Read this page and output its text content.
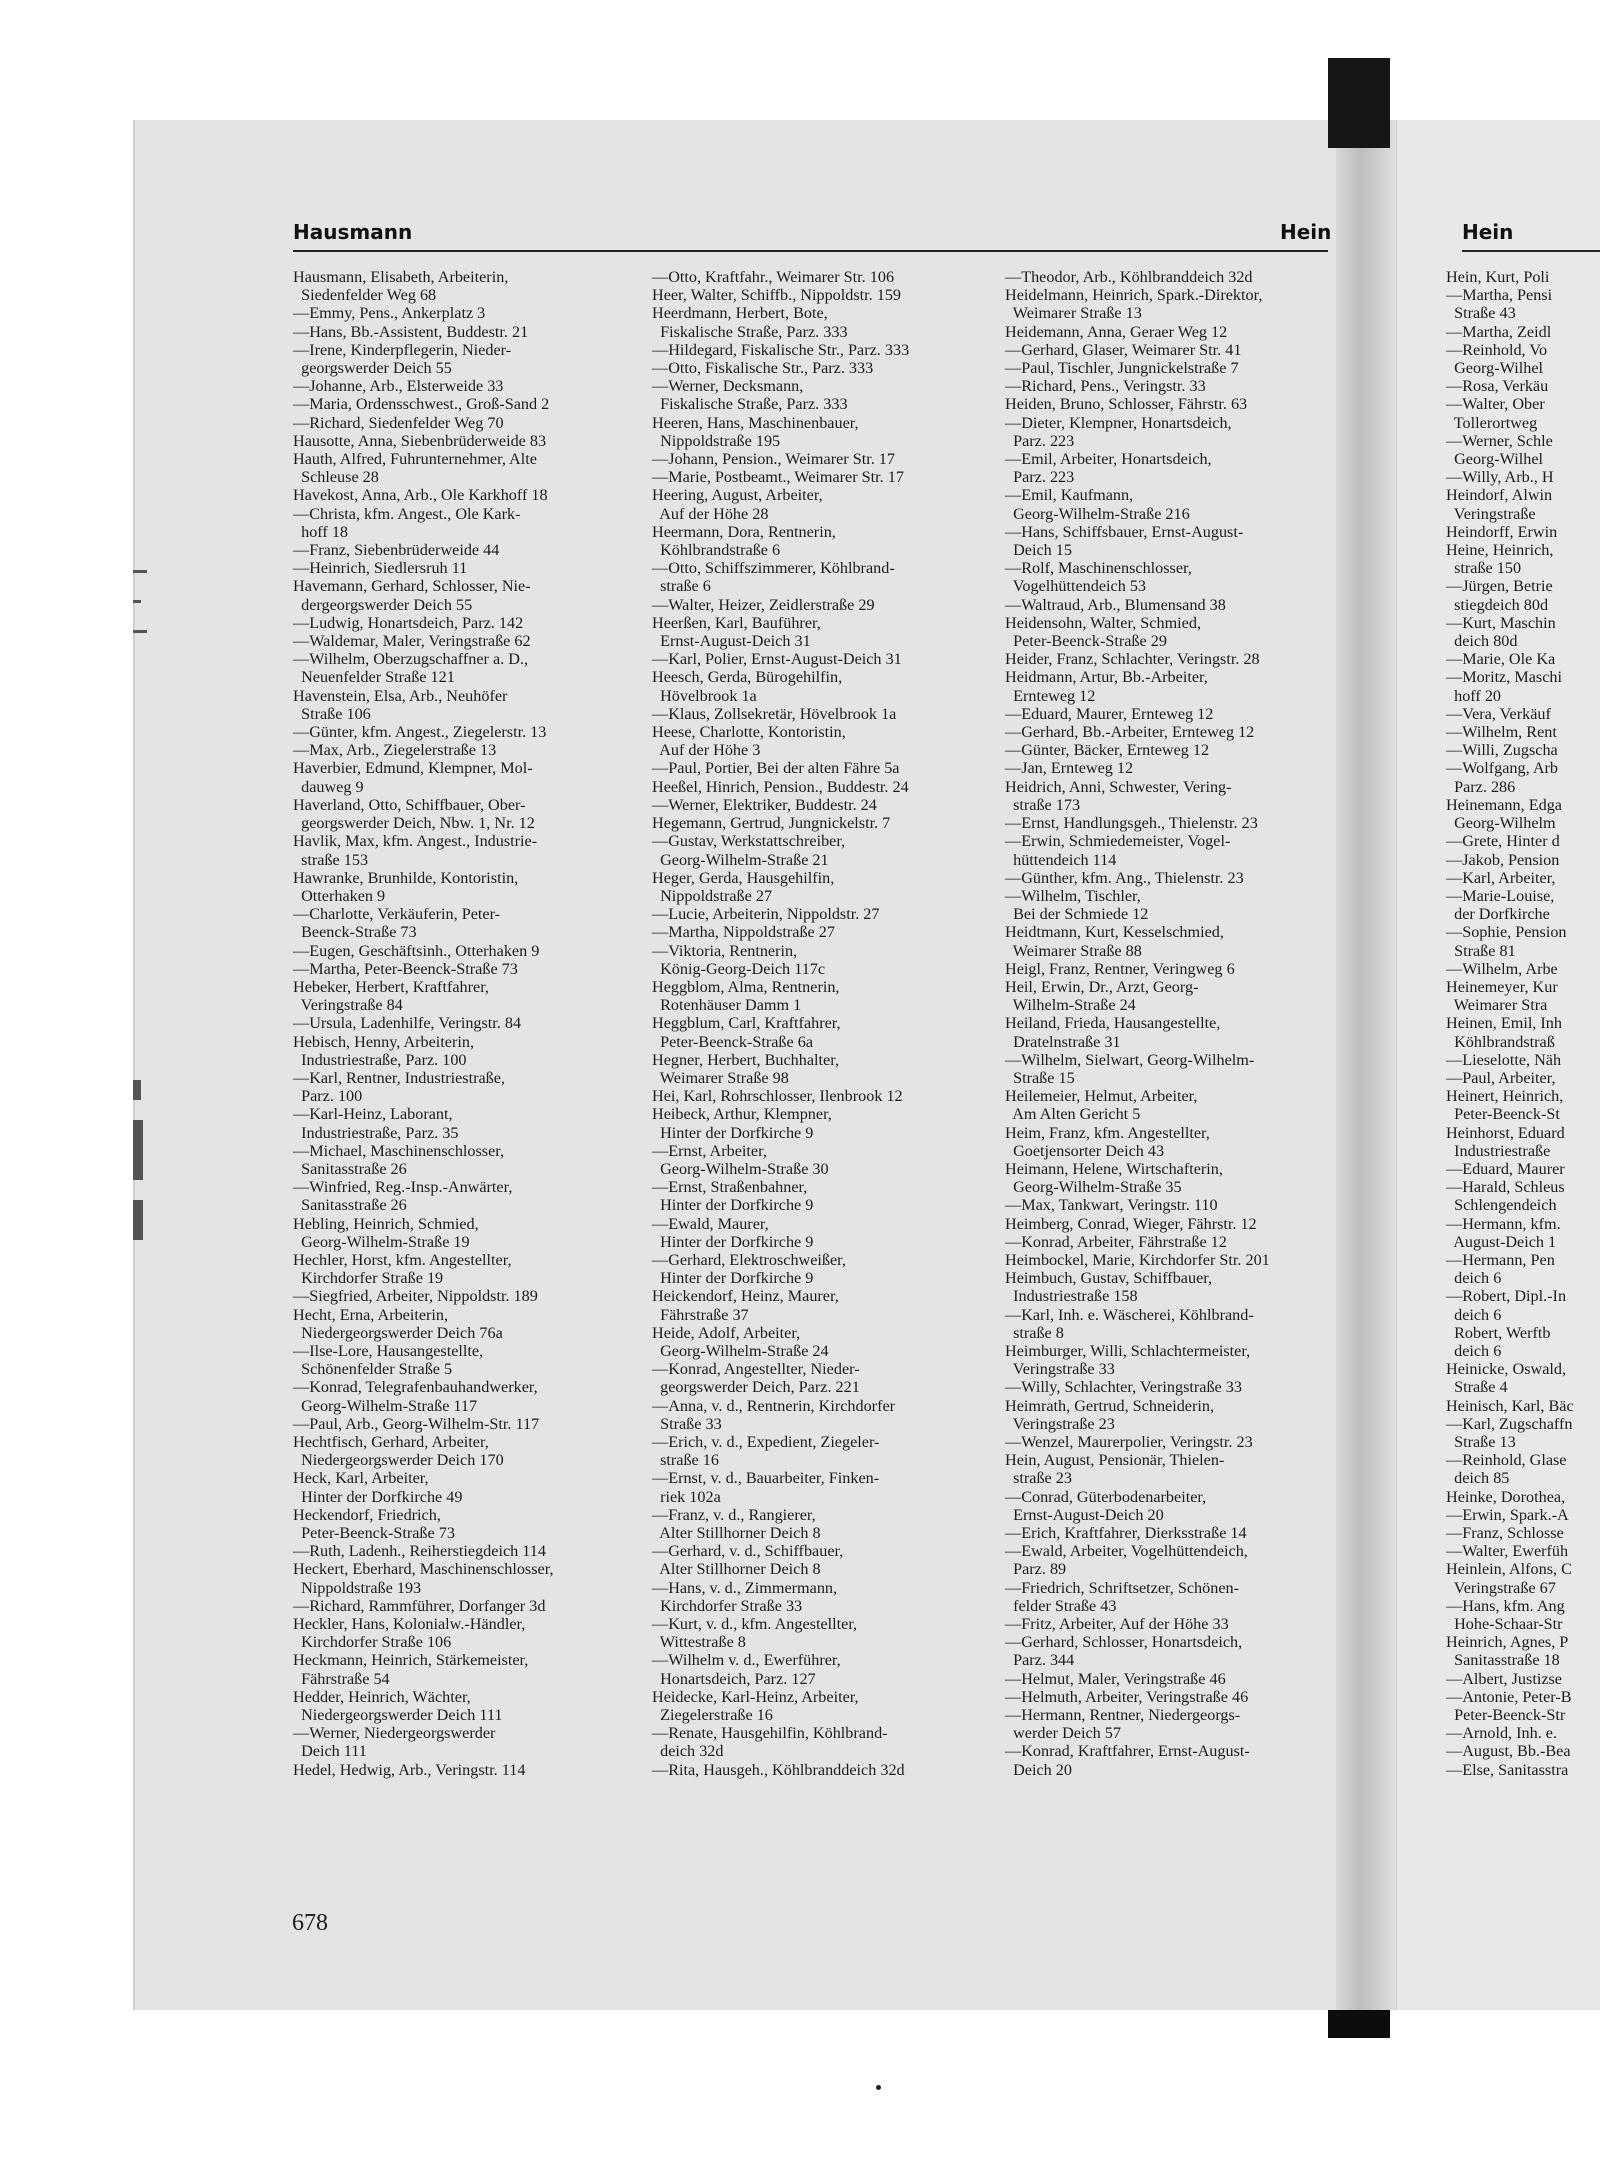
Hausmann	Hein	Hein
Hausmann, Elisabeth, Arbeiterin,
Siedenfelder Weg 68
—Emmy, Pens., Ankerplatz 3
—Hans, Bb.-Assistent, Buddestr. 21
—Irene, Kinderpflegerin, Nieder-
georgswerder Deich 55
—Johanne, Arb., Elsterweide 33
—Maria, Ordensschwest., Groß-Sand 2
—Richard, Siedenfelder Weg 70
Hausotte, Anna, Siebenbrüderweide 83
Hauth, Alfred, Fuhrunternehmer, Alte
Schleuse 28
Havekost, Anna, Arb., Ole Karkhoff 18
—Christa, kfm. Angest., Ole Kark-
hoff 18
—Franz, Siebenbrüderweide 44
—Heinrich, Siedlersruh 11
Havemann, Gerhard, Schlosser, Nie-
dergeorgswerder Deich 55
—Ludwig, Honartsdeich, Parz. 142
—Waldemar, Maler, Veringstraße 62
—Wilhelm, Oberzugschaffner a. D.,
Neuenfelder Straße 121
Havenstein, Elsa, Arb., Neuhöfer
Straße 106
—Günter, kfm. Angest., Ziegelerstr. 13
—Max, Arb., Ziegelerstraße 13
Haverbier, Edmund, Klempner, Mol-
dauweg 9
Haverland, Otto, Schiffbauer, Ober-
georgswerder Deich, Nbw. 1, Nr. 12
Havlik, Max, kfm. Angest., Industrie-
straße 153
Hawranke, Brunhilde, Kontoristin,
Otterhaken 9
—Charlotte, Verkäuferin, Peter-
Beenck-Straße 73
—Eugen, Geschäftsinh., Otterhaken 9
—Martha, Peter-Beenck-Straße 73
Hebeker, Herbert, Kraftfahrer,
Veringstraße 84
—Ursula, Ladenhilfe, Veringstr. 84
Hebisch, Henny, Arbeiterin,
Industriestraße, Parz. 100
—Karl, Rentner, Industriestraße,
Parz. 100
—Karl-Heinz, Laborant,
Industriestraße, Parz. 35
—Michael, Maschinenschlosser,
Sanitasstraße 26
—Winfried, Reg.-Insp.-Anwärter,
Sanitasstraße 26
Hebling, Heinrich, Schmied,
Georg-Wilhelm-Straße 19
Hechler, Horst, kfm. Angestellter,
Kirchdorfer Straße 19
—Siegfried, Arbeiter, Nippoldstr. 189
Hecht, Erna, Arbeiterin,
Niedergeorgswerder Deich 76a
—Ilse-Lore, Hausangestellte,
Schönenfelder Straße 5
—Konrad, Telegrafenbauhandwerker,
Georg-Wilhelm-Straße 117
—Paul, Arb., Georg-Wilhelm-Str. 117
Hechtfisch, Gerhard, Arbeiter,
Niedergeorgswerder Deich 170
Heck, Karl, Arbeiter,
Hinter der Dorfkirche 49
Heckendorf, Friedrich,
Peter-Beenck-Straße 73
—Ruth, Ladenh., Reiherstiegdeich 114
Heckert, Eberhard, Maschinenschlosser,
Nippoldstraße 193
—Richard, Rammführer, Dorfanger 3d
Heckler, Hans, Kolonialw.-Händler,
Kirchdorfer Straße 106
Heckmann, Heinrich, Stärkemeister,
Fährstraße 54
Hedder, Heinrich, Wächter,
Niedergeorgswerder Deich 111
—Werner, Niedergeorgswerder
Deich 111
Hedel, Hedwig, Arb., Veringstr. 114
—Otto, Kraftfahr., Weimarer Str. 106
Heer, Walter, Schiffb., Nippoldstr. 159
Heerdmann, Herbert, Bote,
Fiskalische Straße, Parz. 333
—Hildegard, Fiskalische Str., Parz. 333
—Otto, Fiskalische Str., Parz. 333
—Werner, Decksmann,
Fiskalische Straße, Parz. 333
Heeren, Hans, Maschinenbauer,
Nippoldstraße 195
—Johann, Pension., Weimarer Str. 17
—Marie, Postbeamt., Weimarer Str. 17
Heering, August, Arbeiter,
Auf der Höhe 28
Heermann, Dora, Rentnerin,
Köhlbrandstraße 6
—Otto, Schiffszimmerer, Köhlbrand-
straße 6
—Walter, Heizer, Zeidlerstraße 29
Heerßen, Karl, Bauführer,
Ernst-August-Deich 31
—Karl, Polier, Ernst-August-Deich 31
Heesch, Gerda, Bürogehilfin,
Hövelbrook 1a
—Klaus, Zollsekretär, Hövelbrook 1a
Heese, Charlotte, Kontoristin,
Auf der Höhe 3
—Paul, Portier, Bei der alten Fähre 5a
Heeßel, Hinrich, Pension., Buddestr. 24
—Werner, Elektriker, Buddestr. 24
Hegemann, Gertrud, Jungnickelstr. 7
—Gustav, Werkstattschreiber,
Georg-Wilhelm-Straße 21
Heger, Gerda, Hausgehilfin,
Nippoldstraße 27
—Lucie, Arbeiterin, Nippoldstr. 27
—Martha, Nippoldstraße 27
—Viktoria, Rentnerin,
König-Georg-Deich 117c
Heggblom, Alma, Rentnerin,
Rotenhäuser Damm 1
Heggblum, Carl, Kraftfahrer,
Peter-Beenck-Straße 6a
Hegner, Herbert, Buchhalter,
Weimarer Straße 98
Hei, Karl, Rohrschlosser, Ilenbrook 12
Heibeck, Arthur, Klempner,
Hinter der Dorfkirche 9
—Ernst, Arbeiter,
Georg-Wilhelm-Straße 30
—Ernst, Straßenbahner,
Hinter der Dorfkirche 9
—Ewald, Maurer,
Hinter der Dorfkirche 9
—Gerhard, Elektroschweißer,
Hinter der Dorfkirche 9
Heickendorf, Heinz, Maurer,
Fährstraße 37
Heide, Adolf, Arbeiter,
Georg-Wilhelm-Straße 24
—Konrad, Angestellter, Nieder-
georgswerder Deich, Parz. 221
—Anna, v. d., Rentnerin, Kirchdorfer
Straße 33
—Erich, v. d., Expedient, Ziegeler-
straße 16
—Ernst, v. d., Bauarbeiter, Finken-
riek 102a
—Franz, v. d., Rangierer,
Alter Stillhorner Deich 8
—Gerhard, v. d., Schiffbauer,
Alter Stillhorner Deich 8
—Hans, v. d., Zimmermann,
Kirchdorfer Straße 33
—Kurt, v. d., kfm. Angestellter,
Wittestraße 8
—Wilhelm v. d., Ewerführer,
Honartsdeich, Parz. 127
Heidecke, Karl-Heinz, Arbeiter,
Ziegelerstraße 16
—Renate, Hausgehilfin, Köhlbrand-
deich 32d
—Rita, Hausgeh., Köhlbranddeich 32d
—Theodor, Arb., Köhlbranddeich 32d
Heidelmann, Heinrich, Spark.-Direktor,
Weimarer Straße 13
Heidemann, Anna, Geraer Weg 12
—Gerhard, Glaser, Weimarer Str. 41
—Paul, Tischler, Jungnickelstraße 7
—Richard, Pens., Veringstr. 33
Heiden, Bruno, Schlosser, Fährstr. 63
—Dieter, Klempner, Honartsdeich,
Parz. 223
—Emil, Arbeiter, Honartsdeich,
Parz. 223
—Emil, Kaufmann,
Georg-Wilhelm-Straße 216
—Hans, Schiffsbauer, Ernst-August-
Deich 15
—Rolf, Maschinenschlosser,
Vogelhüttendeich 53
—Waltraud, Arb., Blumensand 38
Heidensohn, Walter, Schmied,
Peter-Beenck-Straße 29
Heider, Franz, Schlachter, Veringstr. 28
Heidmann, Artur, Bb.-Arbeiter,
Ernteweg 12
—Eduard, Maurer, Ernteweg 12
—Gerhard, Bb.-Arbeiter, Ernteweg 12
—Günter, Bäcker, Ernteweg 12
—Jan, Ernteweg 12
Heidrich, Anni, Schwester, Vering-
straße 173
—Ernst, Handlungsgeh., Thielenstr. 23
—Erwin, Schmiedemeister, Vogel-
hüttendeich 114
—Günther, kfm. Ang., Thielenstr. 23
—Wilhelm, Tischler,
Bei der Schmiede 12
Heidtmann, Kurt, Kesselschmied,
Weimarer Straße 88
Heigl, Franz, Rentner, Veringweg 6
Heil, Erwin, Dr., Arzt, Georg-
Wilhelm-Straße 24
Heiland, Frieda, Hausangestellte,
Dratelnstraße 31
—Wilhelm, Sielwart, Georg-Wilhelm-
Straße 15
Heilemeier, Helmut, Arbeiter,
Am Alten Gericht 5
Heim, Franz, kfm. Angestellter,
Goetjensorter Deich 43
Heimann, Helene, Wirtschafterin,
Georg-Wilhelm-Straße 35
—Max, Tankwart, Veringstr. 110
Heimberg, Conrad, Wieger, Fährstr. 12
—Konrad, Arbeiter, Fährstraße 12
Heimbockel, Marie, Kirchdorfer Str. 201
Heimbuch, Gustav, Schiffbauer,
Industriestraße 158
—Karl, Inh. e. Wäscherei, Köhlbrand-
straße 8
Heimburger, Willi, Schlachtermeister,
Veringstraße 33
—Willy, Schlachter, Veringstraße 33
Heimrath, Gertrud, Schneiderin,
Veringstraße 23
—Wenzel, Maurerpolier, Veringstr. 23
Hein, August, Pensionär, Thielen-
straße 23
—Conrad, Güterbodenarbeiter,
Ernst-August-Deich 20
—Erich, Kraftfahrer, Dierksstraße 14
—Ewald, Arbeiter, Vogelhüttendeich,
Parz. 89
—Friedrich, Schriftsetzer, Schönen-
felder Straße 43
—Fritz, Arbeiter, Auf der Höhe 33
—Gerhard, Schlosser, Honartsdeich,
Parz. 344
—Helmut, Maler, Veringstraße 46
—Helmuth, Arbeiter, Veringstraße 46
—Hermann, Rentner, Niedergeorgs-
werder Deich 57
—Konrad, Kraftfahrer, Ernst-August-
Deich 20
Hein, Kurt, Poli
—Martha, Pensi
Straße 43
—Martha, Zeidl
—Reinhold, Vo
Georg-Wilhel
—Rosa, Verkäu
—Walter, Ober
Tollerortweg
—Werner, Schle
Georg-Wilhel
—Willy, Arb., H
Heindorf, Alwin
Veringstraße
Heindorff, Erwin
Heine, Heinrich,
straße 150
—Jürgen, Betrie
stiegdeich 80d
—Kurt, Maschin
deich 80d
—Marie, Ole Ka
—Moritz, Maschi
hoff 20
—Vera, Verkäuf
—Wilhelm, Rent
—Willi, Zugscha
—Wolfgang, Arb
Parz. 286
Heinemann, Edga
Georg-Wilhelm
—Grete, Hinter d
—Jakob, Pension
—Karl, Arbeiter,
—Marie-Louise,
der Dorfkirche
—Sophie, Pension
Straße 81
—Wilhelm, Arbe
Heinemeyer, Kur
Weimarer Stra
Heinen, Emil, Inh
Köhlbrandstraß
—Lieselotte, Näh
—Paul, Arbeiter,
Heinert, Heinrich,
Peter-Beenck-St
Heinhorst, Eduard
Industriestraße
—Eduard, Maurer
—Harald, Schleus
Schlengendeich
—Hermann, kfm.
August-Deich 1
—Hermann, Pen
deich 6
—Robert, Dipl.-In
deich 6
Robert, Werftb
deich 6
Heinicke, Oswald,
Straße 4
Heinisch, Karl, Bäc
—Karl, Zugschaffn
Straße 13
—Reinhold, Glase
deich 85
Heinke, Dorothea,
—Erwin, Spark.-A
—Franz, Schlosse
—Walter, Ewerfüh
Heinlein, Alfons, C
Veringstraße 67
—Hans, kfm. Ang
Hohe-Schaar-Str
Heinrich, Agnes, P
Sanitasstraße 18
—Albert, Justizse
—Antonie, Peter-B
Peter-Beenck-Str
—Arnold, Inh. e.
—August, Bb.-Bea
—Else, Sanitasstra
678
